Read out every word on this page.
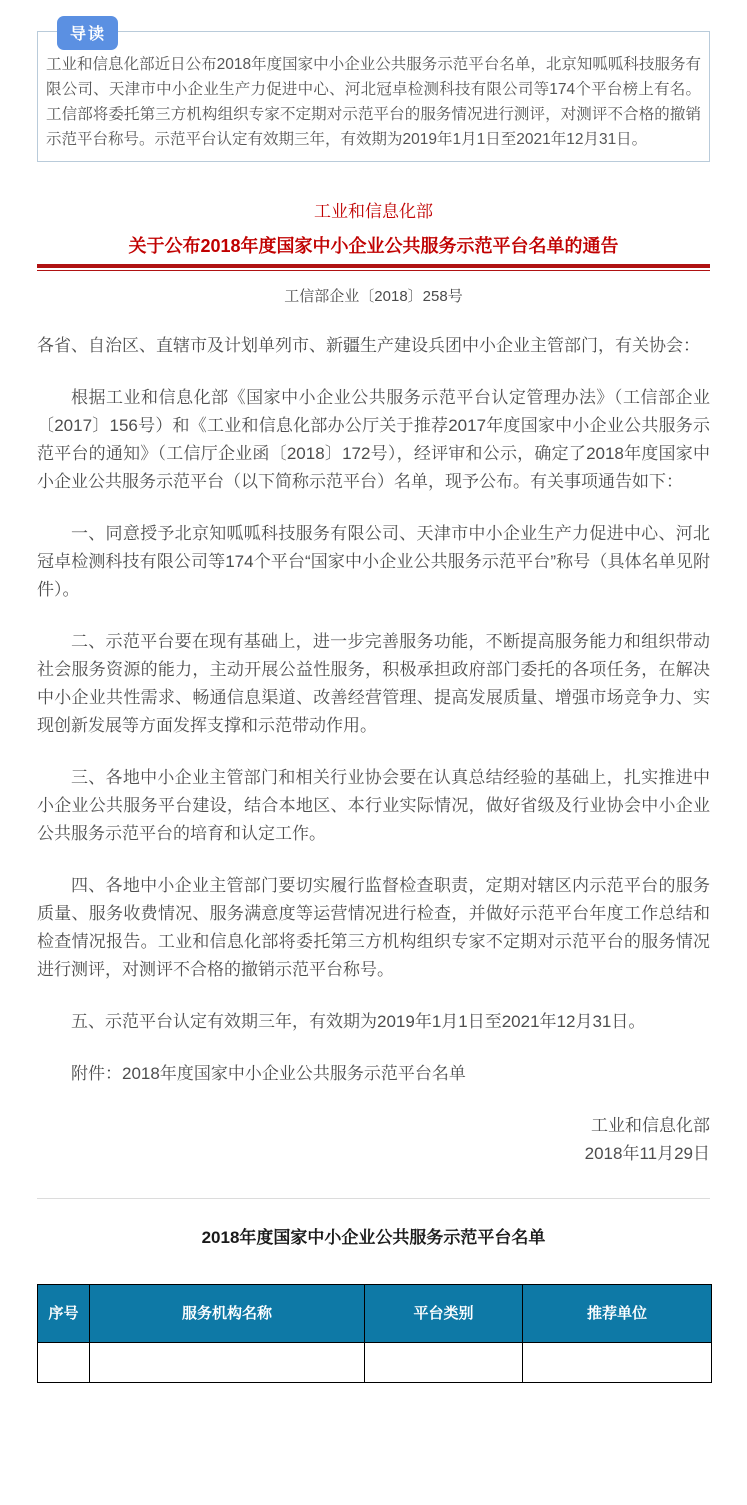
导读

工业和信息化部近日公布2018年度国家中小企业公共服务示范平台名单，北京知呱呱科技服务有限公司、天津市中小企业生产力促进中心、河北冠卓检测科技有限公司等174个平台榜上有名。工信部将委托第三方机构组织专家不定期对示范平台的服务情况进行测评，对测评不合格的撤销示范平台称号。示范平台认定有效期三年，有效期为2019年1月1日至2021年12月31日。

工业和信息化部
关于公布2018年度国家中小企业公共服务示范平台名单的通告
工信部企业〔2018〕258号

各省、自治区、直辖市及计划单列市、新疆生产建设兵团中小企业主管部门，有关协会：

根据工业和信息化部《国家中小企业公共服务示范平台认定管理办法》（工信部企业〔2017〕156号）和《工业和信息化部办公厅关于推荐2017年度国家中小企业公共服务示范平台的通知》（工信厅企业函〔2018〕172号），经评审和公示，确定了2018年度国家中小企业公共服务示范平台（以下简称示范平台）名单，现予公布。有关事项通告如下：

一、同意授予北京知呱呱科技服务有限公司、天津市中小企业生产力促进中心、河北冠卓检测科技有限公司等174个平台“国家中小企业公共服务示范平台”称号（具体名单见附件）。

二、示范平台要在现有基础上，进一步完善服务功能，不断提高服务能力和组织带动社会服务资源的能力，主动开展公益性服务，积极承担政府部门委托的各项任务，在解决中小企业共性需求、畅通信息渠道、改善经营管理、提高发展质量、增强市场竞争力、实现创新发展等方面发挥支撑和示范带动作用。

三、各地中小企业主管部门和相关行业协会要在认真总结经验的基础上，扎实推进中小企业公共服务平台建设，结合本地区、本行业实际情况，做好省级及行业协会中小企业公共服务示范平台的培育和认定工作。

四、各地中小企业主管部门要切实履行监督检查职责，定期对辖区内示范平台的服务质量、服务收费情况、服务满意度等运营情况进行检查，并做好示范平台年度工作总结和检查情况报告。工业和信息化部将委托第三方机构组织专家不定期对示范平台的服务情况进行测评，对测评不合格的撤销示范平台称号。

五、示范平台认定有效期三年，有效期为2019年1月1日至2021年12月31日。

附件：2018年度国家中小企业公共服务示范平台名单

工业和信息化部

2018年11月29日

2018年度国家中小企业公共服务示范平台名单
序号	服务机构名称	平台类别	推荐单位
